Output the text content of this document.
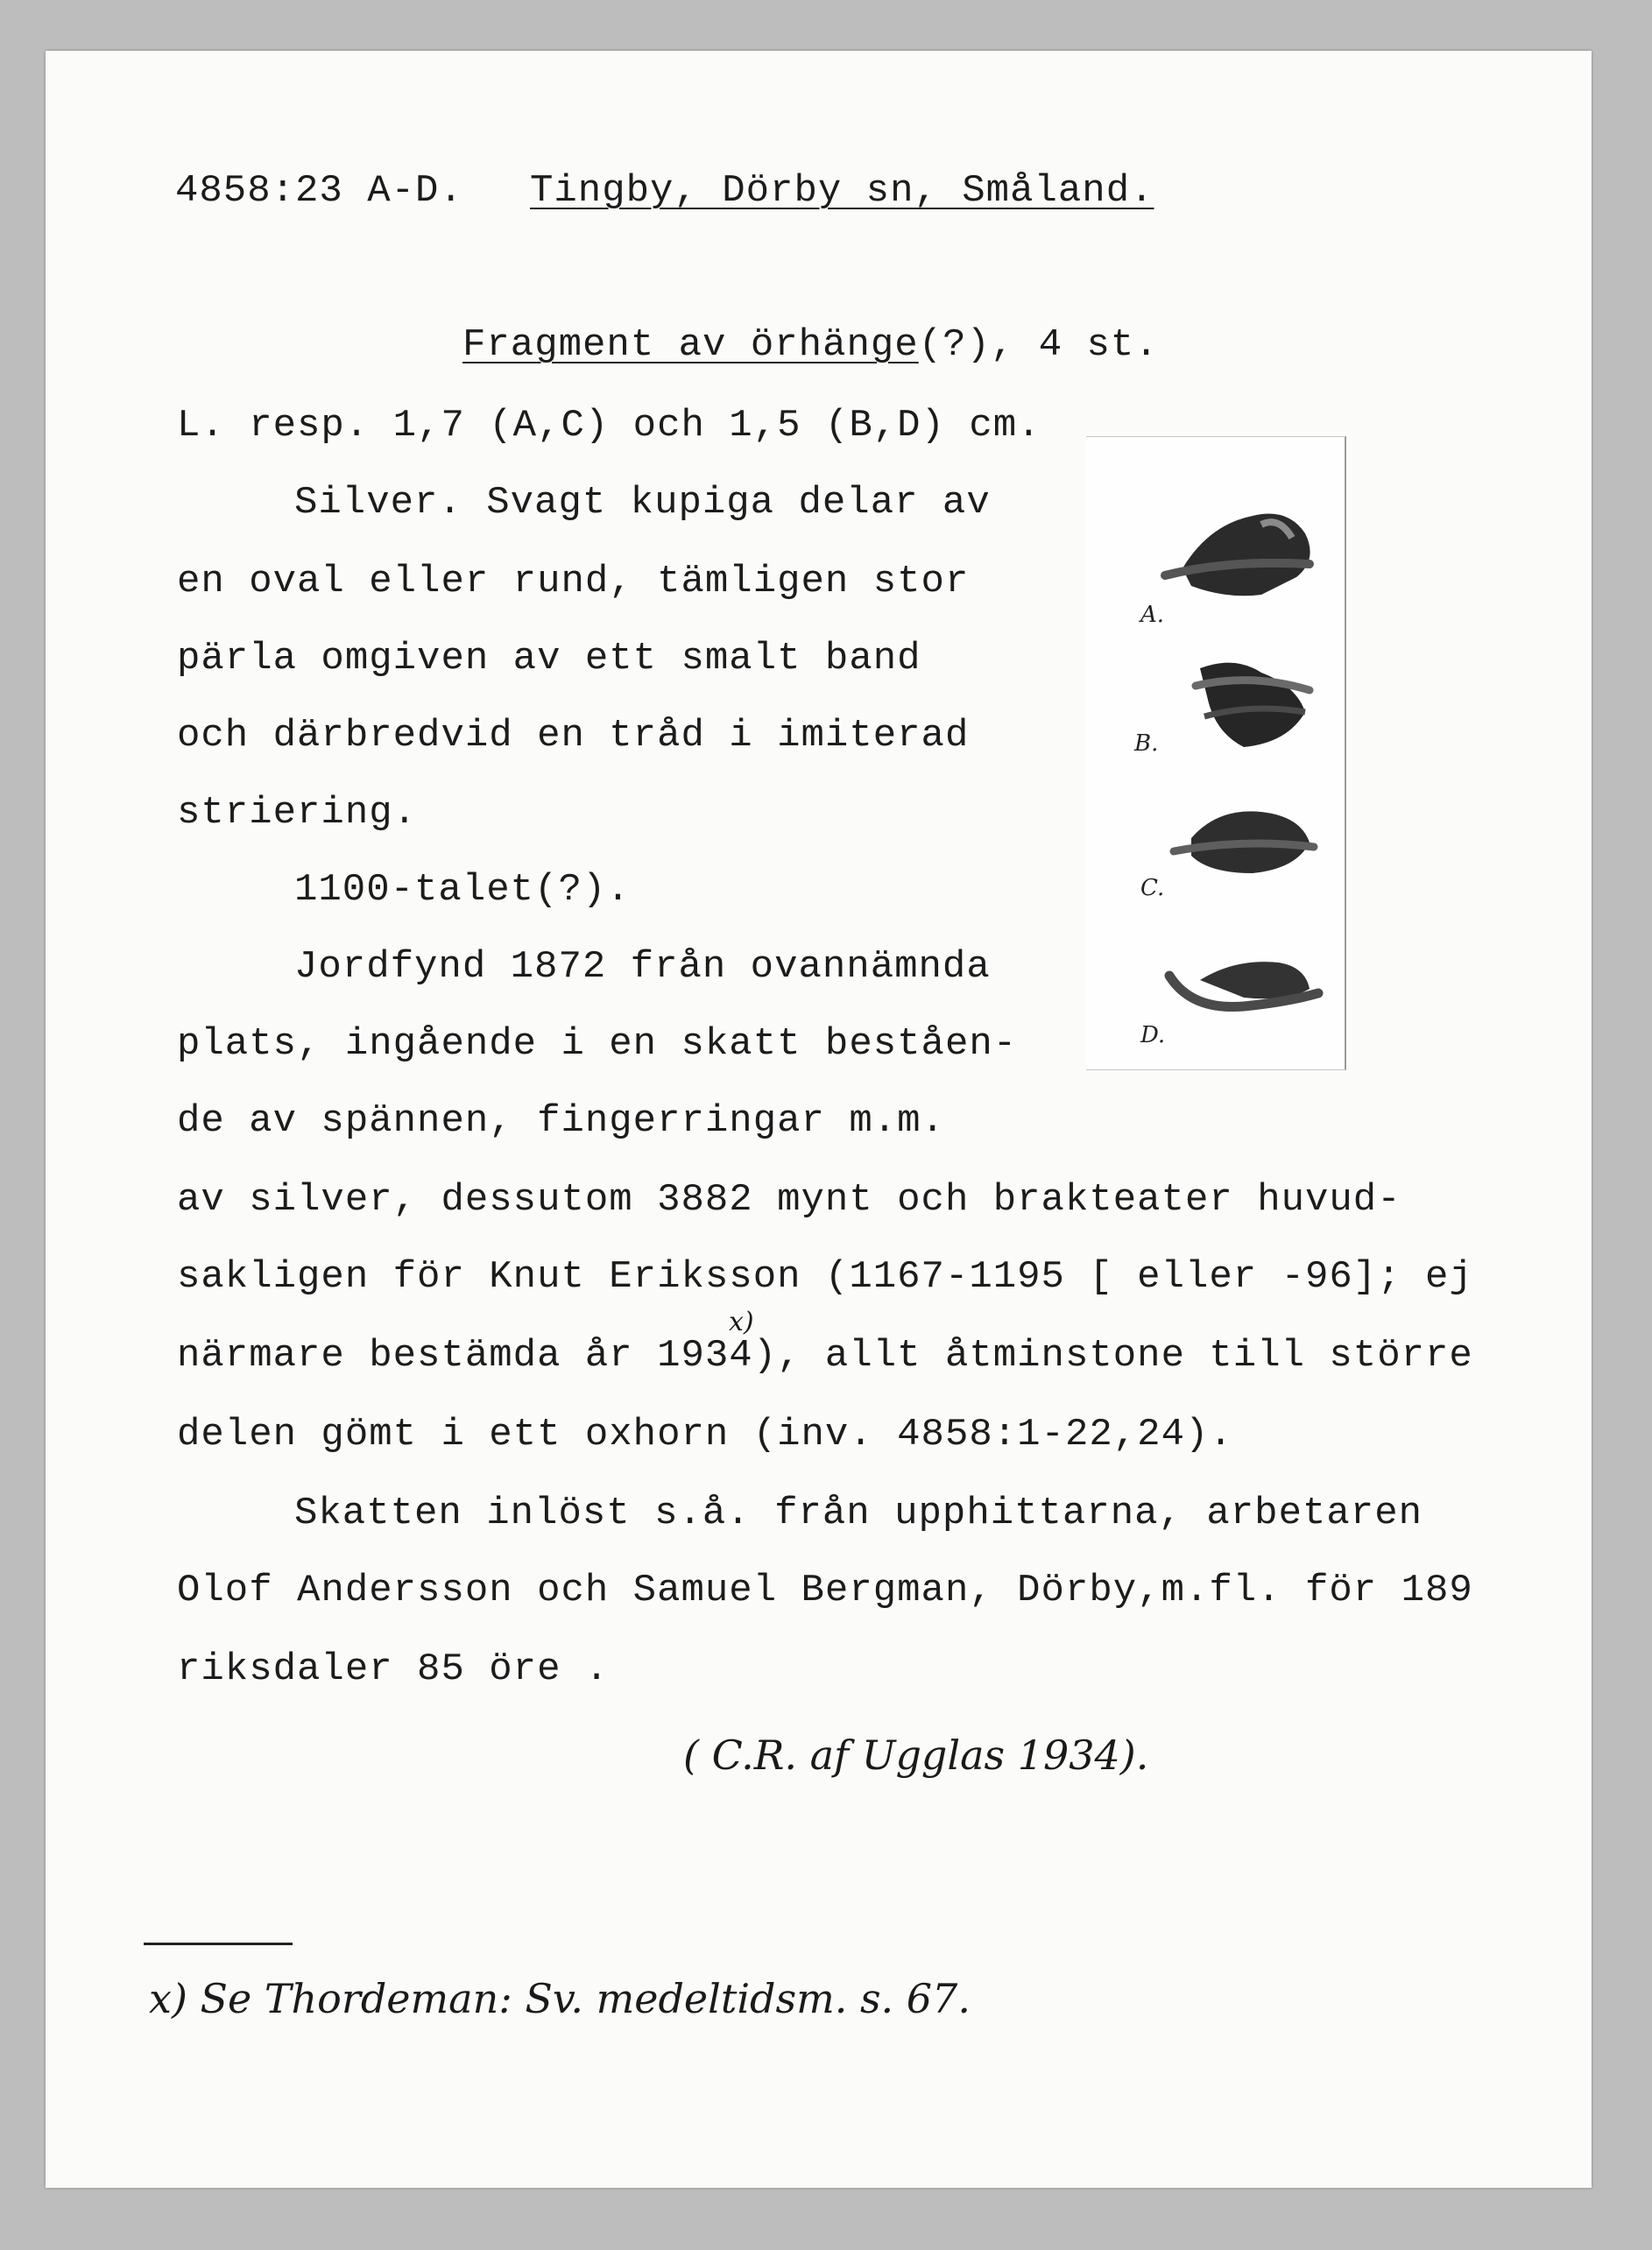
4858:23 A-D. Tingby, Dörby sn, Småland.
Fragment av örhänge(?), 4 st.
L. resp. 1,7 (A,C) och 1,5 (B,D) cm.
Silver. Svagt kupiga delar av
en oval eller rund, tämligen stor
pärla omgiven av ett smalt band
och därbredvid en tråd i imiterad
striering.
1100-talet(?).
Jordfynd 1872 från ovannämnda
plats, ingående i en skatt beståen-
de av spännen, fingerringar m.m.
av silver, dessutom 3882 mynt och brakteater huvud-
sakligen för Knut Eriksson (1167-1195 [ eller -96]; ej
x)
närmare bestämda år 1934), allt åtminstone till större
delen gömt i ett oxhorn (inv. 4858:1-22,24).
Skatten inlöst s.å. från upphittarna, arbetaren
Olof Andersson och Samuel Bergman, Dörby,m.fl. för 189
riksdaler 85 öre .
( C.R. af Ugglas 1934).
A.
B.
C.
D.
x) Se Thordeman: Sv. medeltidsm. s. 67.
